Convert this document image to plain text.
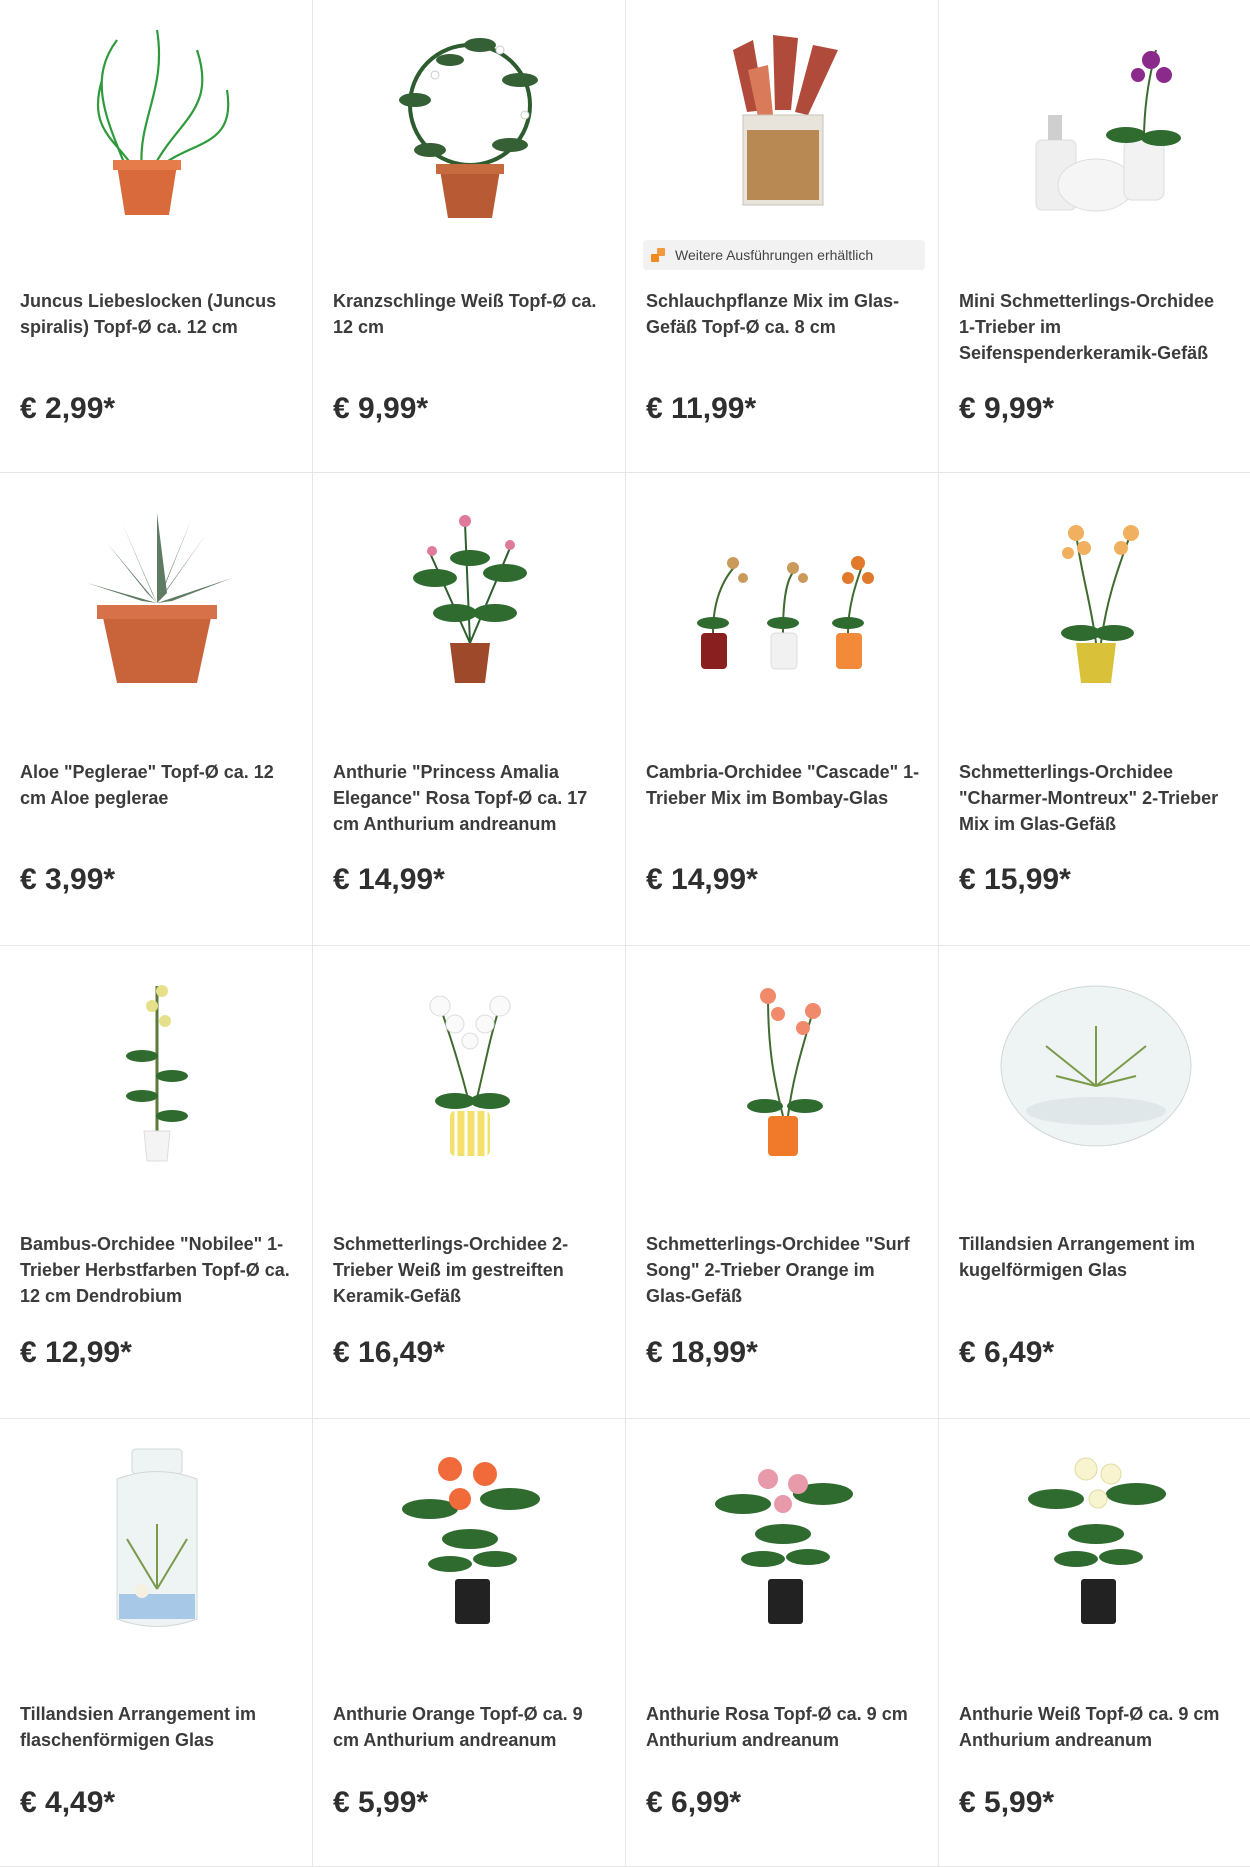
Juncus Liebeslocken (Juncus spiralis) Topf-Ø ca. 12 cm
€ 2,99*
Kranzschlinge Weiß Topf-Ø ca. 12 cm
€ 9,99*
Weitere Ausführungen erhältlich
Schlauchpflanze Mix im Glas-Gefäß Topf-Ø ca. 8 cm
€ 11,99*
Mini Schmetterlings-Orchidee 1-Trieber im Seifenspenderkeramik-Gefäß
€ 9,99*
Aloe "Peglerae" Topf-Ø ca. 12 cm Aloe peglerae
€ 3,99*
Anthurie "Princess Amalia Elegance" Rosa Topf-Ø ca. 17 cm Anthurium andreanum
€ 14,99*
Cambria-Orchidee "Cascade" 1-Trieber Mix im Bombay-Glas
€ 14,99*
Schmetterlings-Orchidee "Charmer-Montreux" 2-Trieber Mix im Glas-Gefäß
€ 15,99*
Bambus-Orchidee "Nobilee" 1-Trieber Herbstfarben Topf-Ø ca. 12 cm Dendrobium
€ 12,99*
Schmetterlings-Orchidee 2-Trieber Weiß im gestreiften Keramik-Gefäß
€ 16,49*
Schmetterlings-Orchidee "Surf Song" 2-Trieber Orange im Glas-Gefäß
€ 18,99*
Tillandsien Arrangement im kugelförmigen Glas
€ 6,49*
Tillandsien Arrangement im flaschenförmigen Glas
€ 4,49*
Anthurie Orange Topf-Ø ca. 9 cm Anthurium andreanum
€ 5,99*
Anthurie Rosa Topf-Ø ca. 9 cm Anthurium andreanum
€ 6,99*
Anthurie Weiß Topf-Ø ca. 9 cm Anthurium andreanum
€ 5,99*
